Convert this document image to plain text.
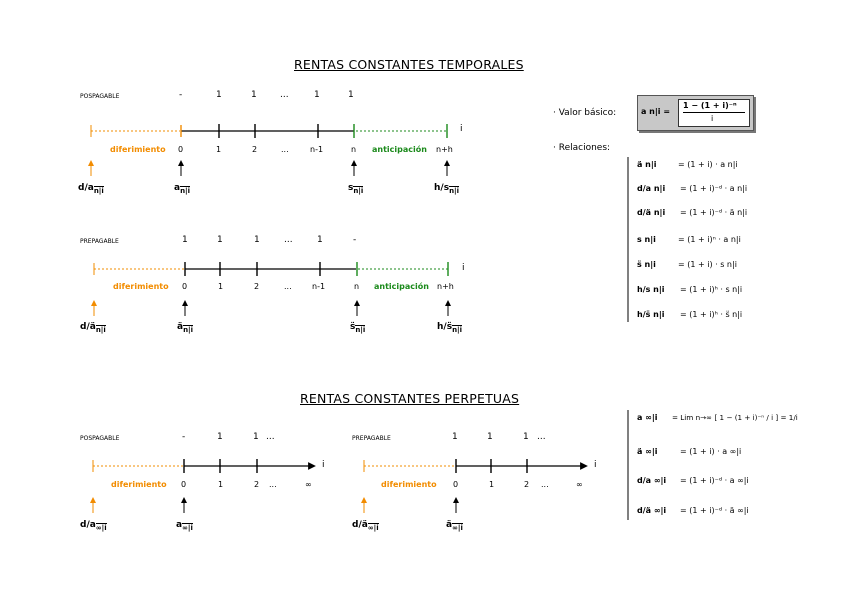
RENTAS CONSTANTES TEMPORALES
RENTAS CONSTANTES PERPETUAS
POSPAGABLE	-	1	1	...	1	1
diferimiento	anticipación
0	1	2	...	n-1	n	n+h
i
$d/a_{n|i}$	$a_{n|i}$	$s_{n|i}$	$h/s_{n|i}$
PREPAGABLE	1	1	1	...	1	-
diferimiento	anticipación
0	1	2	...	n-1	n	n+h
i
$d/ä_{n|i}$	$ä_{n|i}$	$s̈_{n|i}$	$h/s̈_{n|i}$
POSPAGABLE	-	1	1 ...
diferimiento 0	1	2 ...	∞
i
$d/a_{\infty|i}$	$a_{\infty|i}$
PREPAGABLE	1	1	1 ...
diferimiento 0	1	2 ...	∞
i
$d/ä_{\infty|i}$	$ä_{\infty|i}$
· Valor básico:	a n|i =
1 − (1 + i)⁻ⁿ
i
· Relaciones:
ä n|i	= (1 + i) · a n|i
d/a n|i = (1 + i)⁻ᵈ · a n|i
d/ä n|i = (1 + i)⁻ᵈ · ä n|i
s n|i	= (1 + i)ⁿ · a n|i
s̈ n|i	= (1 + i) · s n|i
h/s n|i = (1 + i)ʰ · s n|i
h/s̈ n|i = (1 + i)ʰ · s̈ n|i
a ∞|i = Lim n→∞ [ 1 − (1 + i)⁻ⁿ / i ] = 1/i
ä ∞|i	= (1 + i) · a ∞|i
d/a ∞|i = (1 + i)⁻ᵈ · a ∞|i
d/ä ∞|i = (1 + i)⁻ᵈ · ä ∞|i
